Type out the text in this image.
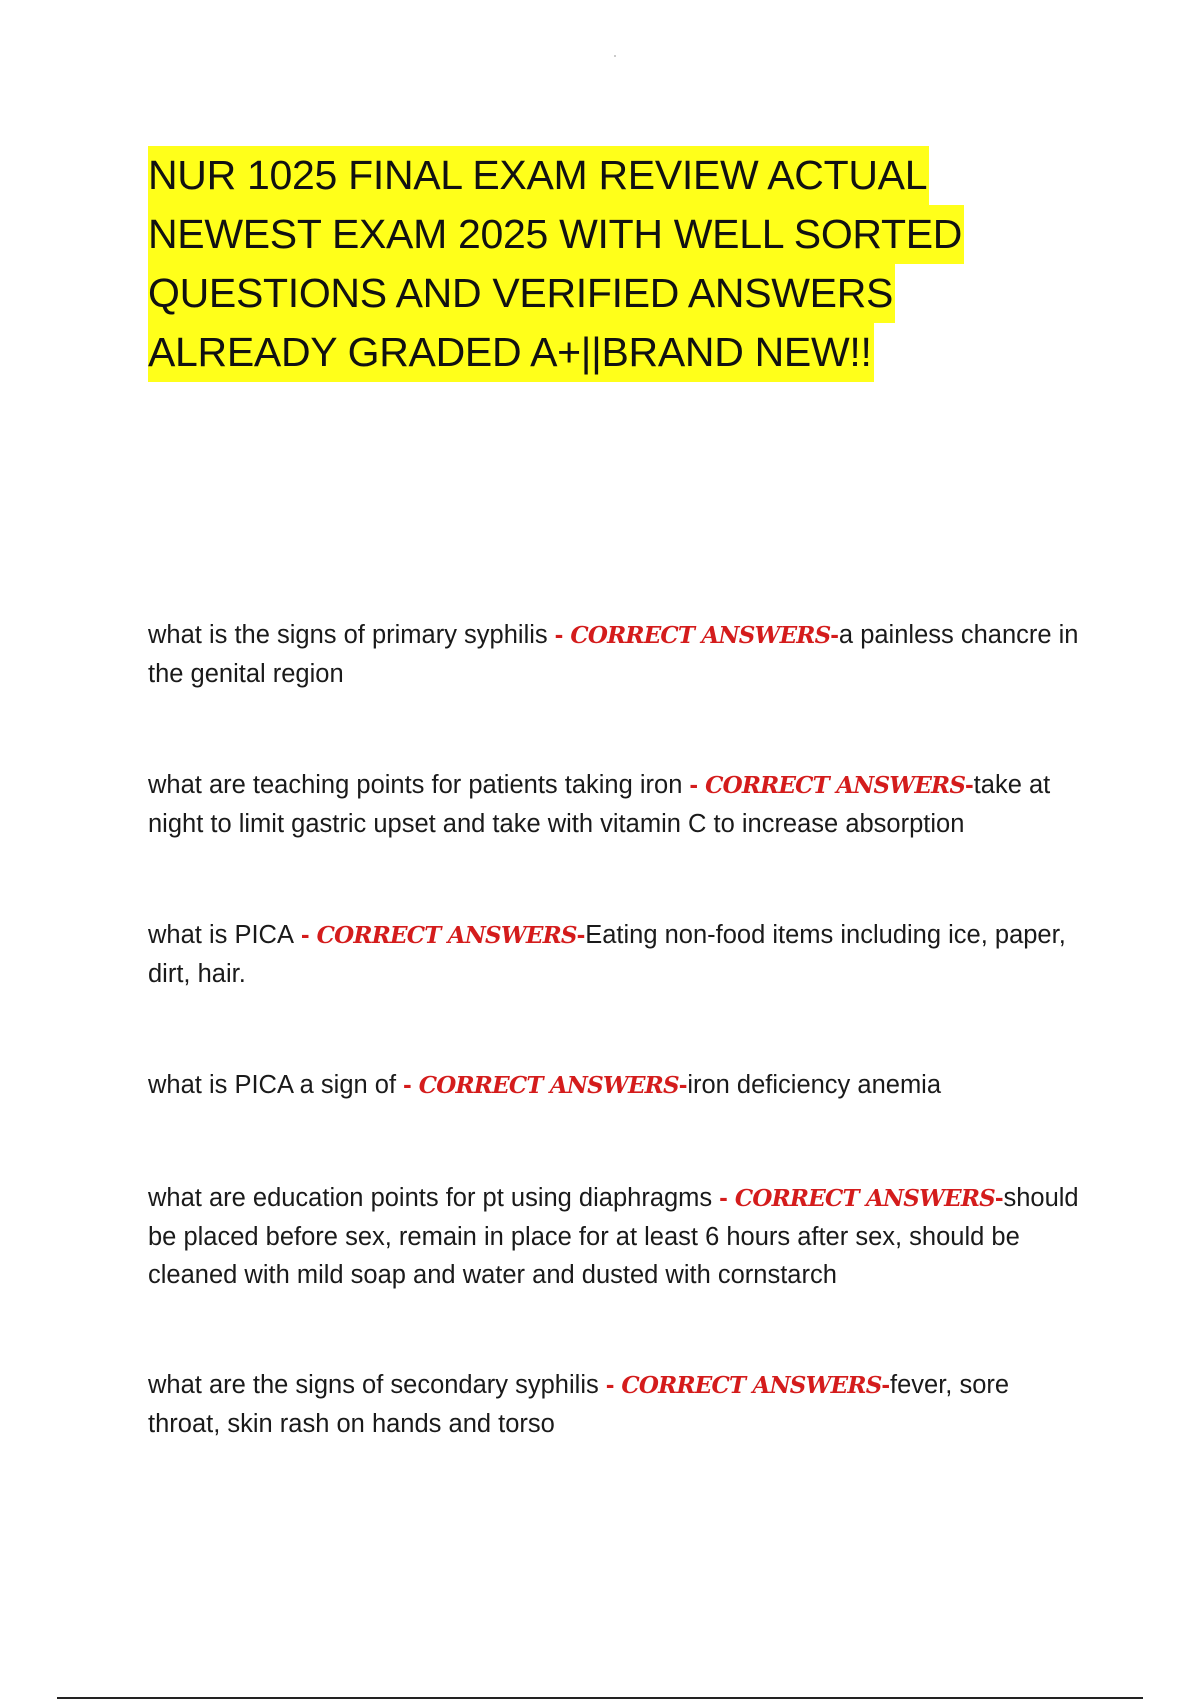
NUR 1025 FINAL EXAM REVIEW ACTUAL
NEWEST EXAM 2025 WITH WELL SORTED
QUESTIONS AND VERIFIED ANSWERS
ALREADY GRADED A+||BRAND NEW!!

what is the signs of primary syphilis - CORRECT ANSWERS-a painless chancre in the genital region

what are teaching points for patients taking iron - CORRECT ANSWERS-take at night to limit gastric upset and take with vitamin C to increase absorption

what is PICA - CORRECT ANSWERS-Eating non-food items including ice, paper, dirt, hair.

what is PICA a sign of - CORRECT ANSWERS-iron deficiency anemia

what are education points for pt using diaphragms - CORRECT ANSWERS-should be placed before sex, remain in place for at least 6 hours after sex, should be cleaned with mild soap and water and dusted with cornstarch

what are the signs of secondary syphilis - CORRECT ANSWERS-fever, sore throat, skin rash on hands and torso
